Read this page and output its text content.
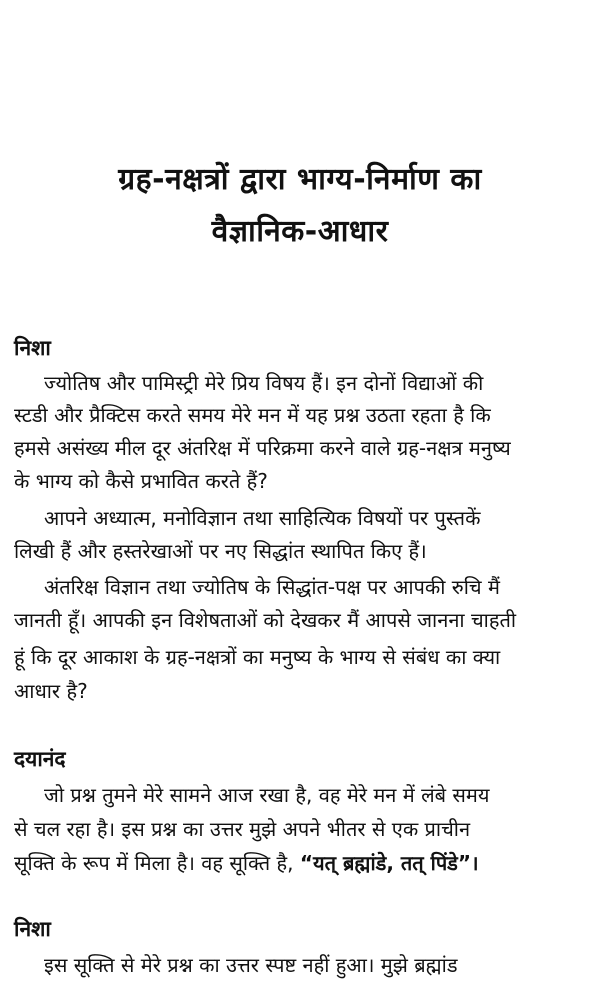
ग्रह-नक्षत्रों द्वारा भाग्य-निर्माण का
वैज्ञानिक-आधार
निशा

ज्योतिष और पामिस्ट्री मेरे प्रिय विषय हैं। इन दोनों विद्याओं की

स्टडी और प्रैक्टिस करते समय मेरे मन में यह प्रश्न उठता रहता है कि

हमसे असंख्य मील दूर अंतरिक्ष में परिक्रमा करने वाले ग्रह-नक्षत्र मनुष्य

के भाग्य को कैसे प्रभावित करते हैं?

आपने अध्यात्म, मनोविज्ञान तथा साहित्यिक विषयों पर पुस्तकें

लिखी हैं और हस्तरेखाओं पर नए सिद्धांत स्थापित किए हैं।

अंतरिक्ष विज्ञान तथा ज्योतिष के सिद्धांत-पक्ष पर आपकी रुचि मैं

जानती हूँ। आपकी इन विशेषताओं को देखकर मैं आपसे जानना चाहती

हूं कि दूर आकाश के ग्रह-नक्षत्रों का मनुष्य के भाग्य से संबंध का क्या

आधार है?

दयानंद

जो प्रश्न तुमने मेरे सामने आज रखा है, वह मेरे मन में लंबे समय

से चल रहा है। इस प्रश्न का उत्तर मुझे अपने भीतर से एक प्राचीन

सूक्ति के रूप में मिला है। वह सूक्ति है, “यत् ब्रह्मांडे, तत् पिंडे”।

निशा

इस सूक्ति से मेरे प्रश्न का उत्तर स्पष्ट नहीं हुआ। मुझे ब्रह्मांड
